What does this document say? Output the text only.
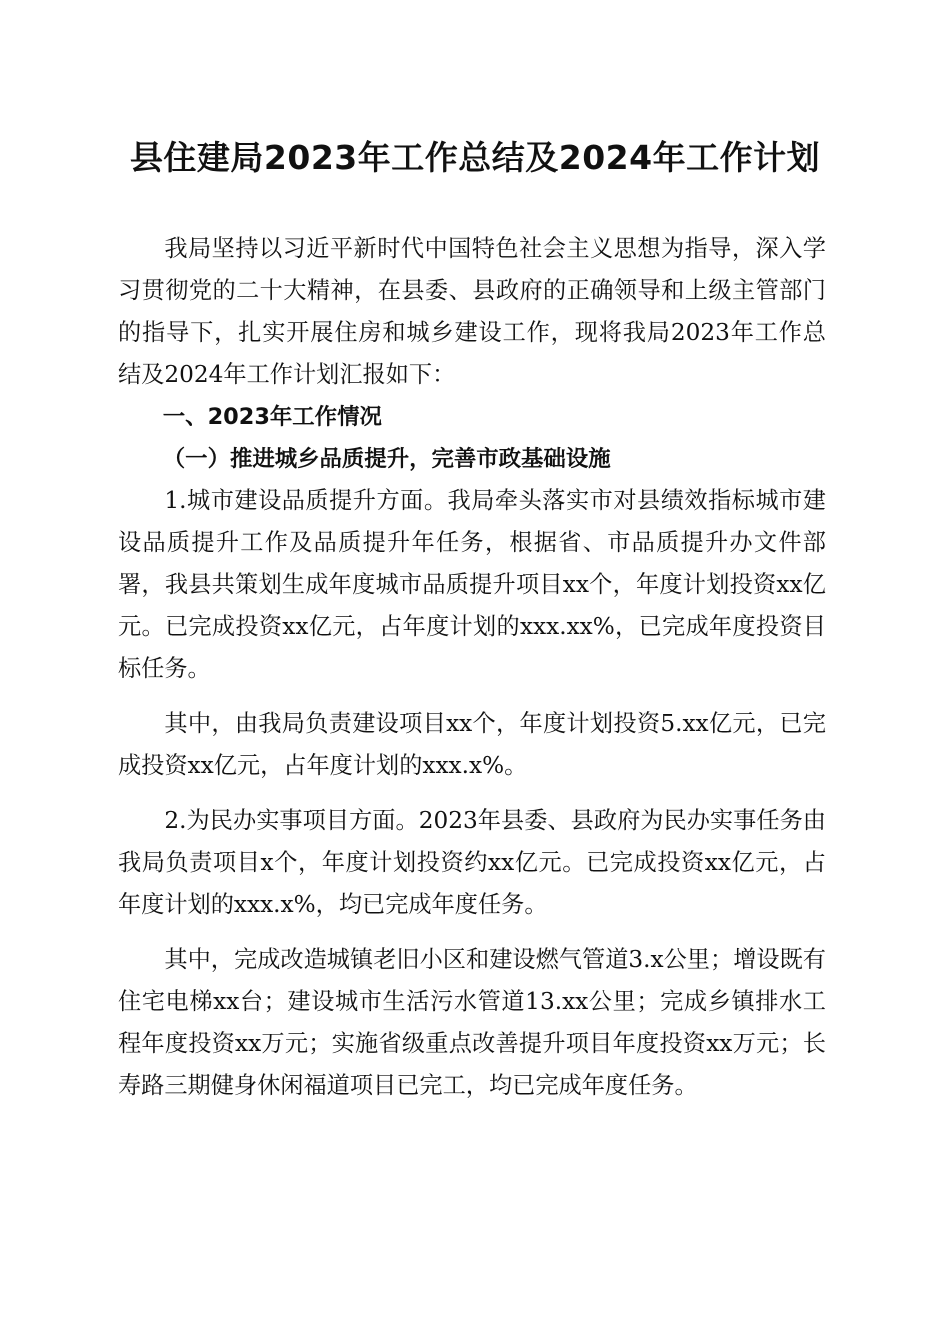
县住建局2023年工作总结及2024年工作计划

我局坚持以习近平新时代中国特色社会主义思想为指导，深入学习贯彻党的二十大精神，在县委、县政府的正确领导和上级主管部门的指导下，扎实开展住房和城乡建设工作，现将我局2023年工作总结及2024年工作计划汇报如下：

一、2023年工作情况

（一）推进城乡品质提升，完善市政基础设施

1.城市建设品质提升方面。我局牵头落实市对县绩效指标城市建设品质提升工作及品质提升年任务，根据省、市品质提升办文件部署，我县共策划生成年度城市品质提升项目xx个，年度计划投资xx亿元。已完成投资xx亿元，占年度计划的xxx.xx%，已完成年度投资目标任务。

其中，由我局负责建设项目xx个，年度计划投资5.xx亿元，已完成投资xx亿元，占年度计划的xxx.x%。

2.为民办实事项目方面。2023年县委、县政府为民办实事任务由我局负责项目x个，年度计划投资约xx亿元。已完成投资xx亿元，占年度计划的xxx.x%，均已完成年度任务。

其中，完成改造城镇老旧小区和建设燃气管道3.x公里；增设既有住宅电梯xx台；建设城市生活污水管道13.xx公里；完成乡镇排水工程年度投资xx万元；实施省级重点改善提升项目年度投资xx万元；长寿路三期健身休闲福道项目已完工，均已完成年度任务。
